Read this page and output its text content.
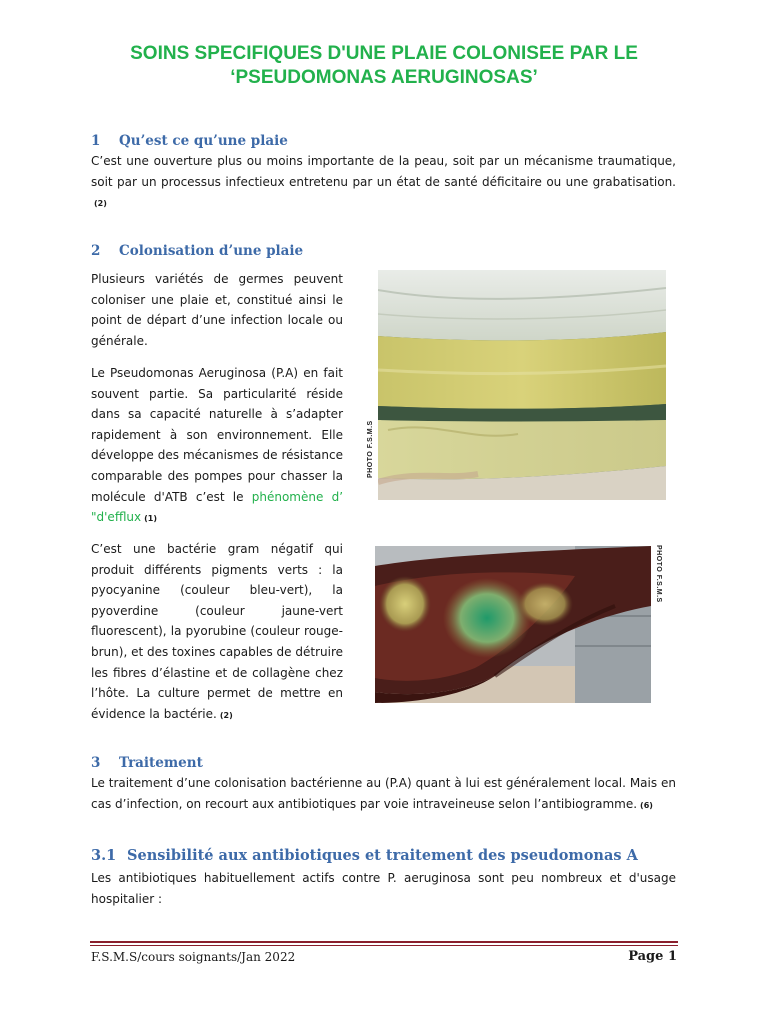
SOINS SPECIFIQUES D'UNE PLAIE COLONISEE PAR LE
‘PSEUDOMONAS AERUGINOSAS’
1 Qu’est ce qu’une plaie

C’est une ouverture plus ou moins importante de la peau, soit par un mécanisme traumatique, soit par un processus infectieux entretenu par un état de santé déficitaire ou une grabatisation.(2)

2 Colonisation d’une plaie

Plusieurs variétés de germes peuvent coloniser une plaie et, constitué ainsi le point de départ d’une infection locale ou générale.

Le Pseudomonas Aeruginosa (P.A) en fait souvent partie. Sa particularité réside dans sa capacité naturelle à s’adapter rapidement à son environnement. Elle développe des mécanismes de résistance comparable des pompes pour chasser la molécule d'ATB c’est le phénomène d’ "d'efflux (1)

C’est une bactérie gram négatif qui produit différents pigments verts : la pyocyanine (couleur bleu-vert), la pyoverdine (couleur jaune-vert fluorescent), la pyorubine (couleur rouge-brun), et des toxines capables de détruire les fibres d’élastine et de collagène chez l’hôte. La culture permet de mettre en évidence la bactérie. (2)

PHOTO F.S.M.S
PHOTO F.S.M.S
3 Traitement

Le traitement d’une colonisation bactérienne au (P.A) quant à lui est généralement local. Mais en cas d’infection, on recourt aux antibiotiques par voie intraveineuse selon l’antibiogramme. (6)

3.1 Sensibilité aux antibiotiques et traitement des pseudomonas A

Les antibiotiques habituellement actifs contre P. aeruginosa sont peu nombreux et d'usage hospitalier :

F.S.M.S/cours soignants/Jan 2022	Page 1
